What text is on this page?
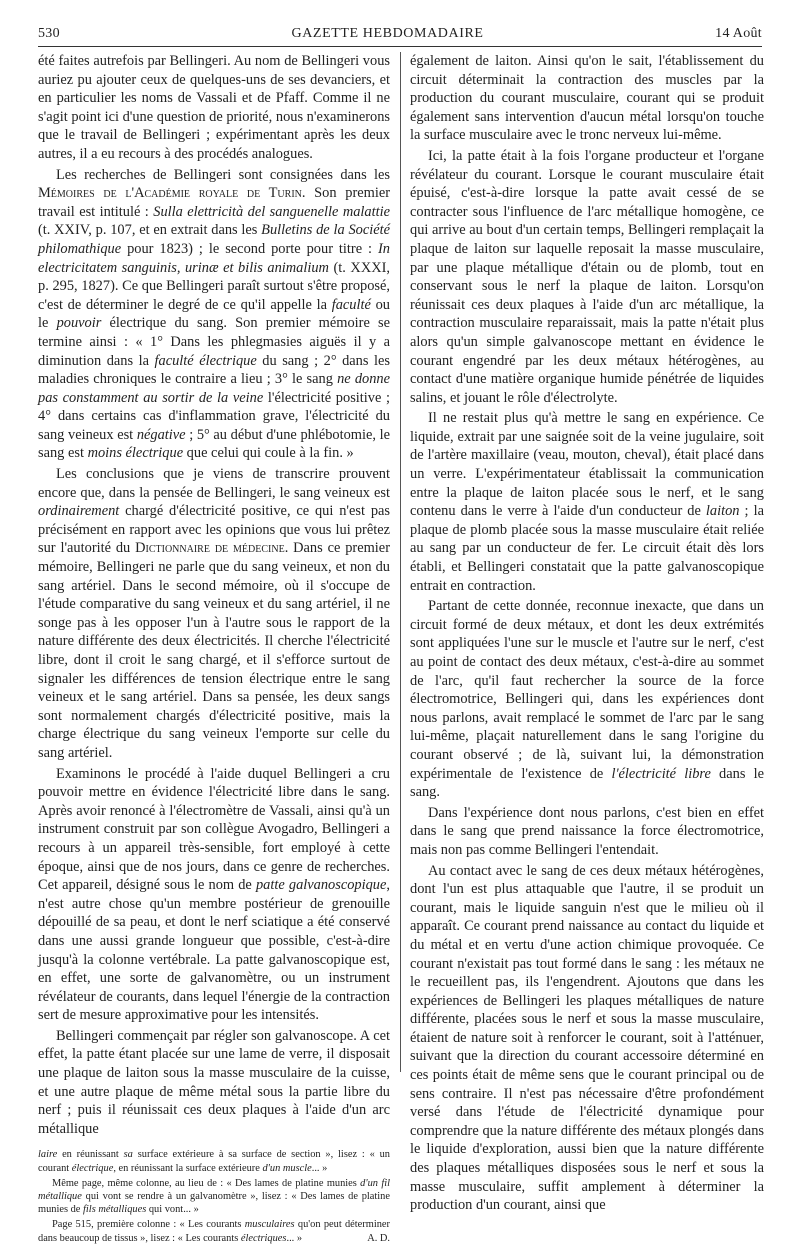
530	GAZETTE HEBDOMADAIRE	14 Août

été faites autrefois par Bellingeri. Au nom de Bellingeri vous auriez pu ajouter ceux de quelques-uns de ses devanciers, et en particulier les noms de Vassali et de Pfaff. Comme il ne s'agit point ici d'une question de priorité, nous n'examinerons que le travail de Bellingeri ; expérimentant après les deux autres, il a eu recours à des procédés analogues.

Les recherches de Bellingeri sont consignées dans les Mémoires de l'Académie royale de Turin. Son premier travail est intitulé : Sulla elettricità del sanguenelle malattie (t. XXIV, p. 107, et en extrait dans les Bulletins de la Société philomathique pour 1823) ; le second porte pour titre : In electricitatem sanguinis, urinæ et bilis animalium (t. XXXI, p. 295, 1827). Ce que Bellingeri paraît surtout s'être proposé, c'est de déterminer le degré de ce qu'il appelle la faculté ou le pouvoir électrique du sang. Son premier mémoire se termine ainsi : « 1° Dans les phlegmasies aiguës il y a diminution dans la faculté électrique du sang ; 2° dans les maladies chroniques le contraire a lieu ; 3° le sang ne donne pas constamment au sortir de la veine l'électricité positive ; 4° dans certains cas d'inflammation grave, l'électricité du sang veineux est négative ; 5° au début d'une phlébotomie, le sang est moins électrique que celui qui coule à la fin. »

Les conclusions que je viens de transcrire prouvent encore que, dans la pensée de Bellingeri, le sang veineux est ordinairement chargé d'électricité positive, ce qui n'est pas précisément en rapport avec les opinions que vous lui prêtez sur l'autorité du Dictionnaire de médecine. Dans ce premier mémoire, Bellingeri ne parle que du sang veineux, et non du sang artériel. Dans le second mémoire, où il s'occupe de l'étude comparative du sang veineux et du sang artériel, il ne songe pas à les opposer l'un à l'autre sous le rapport de la nature différente des deux électricités. Il cherche l'électricité libre, dont il croit le sang chargé, et il s'efforce surtout de signaler les différences de tension électrique entre le sang veineux et le sang artériel. Dans sa pensée, les deux sangs sont normalement chargés d'électricité positive, mais la charge électrique du sang veineux l'emporte sur celle du sang artériel.

Examinons le procédé à l'aide duquel Bellingeri a cru pouvoir mettre en évidence l'électricité libre dans le sang. Après avoir renoncé à l'électromètre de Vassali, ainsi qu'à un instrument construit par son collègue Avogadro, Bellingeri a recours à un appareil très-sensible, fort employé à cette époque, ainsi que de nos jours, dans ce genre de recherches. Cet appareil, désigné sous le nom de patte galvanoscopique, n'est autre chose qu'un membre postérieur de grenouille dépouillé de sa peau, et dont le nerf sciatique a été conservé dans une aussi grande longueur que possible, c'est-à-dire jusqu'à la colonne vertébrale. La patte galvanoscopique est, en effet, une sorte de galvanomètre, ou un instrument révélateur de courants, dans lequel l'énergie de la contraction sert de mesure approximative pour les intensités.

Bellingeri commençait par régler son galvanoscope. A cet effet, la patte étant placée sur une lame de verre, il disposait une plaque de laiton sous la masse musculaire de la cuisse, et une autre plaque de même métal sous la partie libre du nerf ; puis il réunissait ces deux plaques à l'aide d'un arc métallique

laire en réunissant sa surface extérieure à sa surface de section », lisez : « un courant électrique, en réunissant la surface extérieure d'un muscle... »

Même page, même colonne, au lieu de : « Des lames de platine munies d'un fil métallique qui vont se rendre à un galvanomètre », lisez : « Des lames de platine munies de fils métalliques qui vont... »

Page 515, première colonne : « Les courants musculaires qu'on peut déterminer dans beaucoup de tissus », lisez : « Les courants électriques... »	A. D.

également de laiton. Ainsi qu'on le sait, l'établissement du circuit déterminait la contraction des muscles par la production du courant musculaire, courant qui se produit également sans intervention d'aucun métal lorsqu'on touche la surface musculaire avec le tronc nerveux lui-même.

Ici, la patte était à la fois l'organe producteur et l'organe révélateur du courant. Lorsque le courant musculaire était épuisé, c'est-à-dire lorsque la patte avait cessé de se contracter sous l'influence de l'arc métallique homogène, ce qui arrive au bout d'un certain temps, Bellingeri remplaçait la plaque de laiton sur laquelle reposait la masse musculaire, par une plaque métallique d'étain ou de plomb, tout en conservant sous le nerf la plaque de laiton. Lorsqu'on réunissait ces deux plaques à l'aide d'un arc métallique, la contraction musculaire reparaissait, mais la patte n'était plus alors qu'un simple galvanoscope mettant en évidence le courant engendré par les deux métaux hétérogènes, au contact d'une matière organique humide pénétrée de liquides salins, et jouant le rôle d'électrolyte.

Il ne restait plus qu'à mettre le sang en expérience. Ce liquide, extrait par une saignée soit de la veine jugulaire, soit de l'artère maxillaire (veau, mouton, cheval), était placé dans un verre. L'expérimentateur établissait la communication entre la plaque de laiton placée sous le nerf, et le sang contenu dans le verre à l'aide d'un conducteur de laiton ; la plaque de plomb placée sous la masse musculaire était reliée au sang par un conducteur de fer. Le circuit était dès lors établi, et Bellingeri constatait que la patte galvanoscopique entrait en contraction.

Partant de cette donnée, reconnue inexacte, que dans un circuit formé de deux métaux, et dont les deux extrémités sont appliquées l'une sur le muscle et l'autre sur le nerf, c'est au point de contact des deux métaux, c'est-à-dire au sommet de l'arc, qu'il faut rechercher la source de la force électromotrice, Bellingeri qui, dans les expériences dont nous parlons, avait remplacé le sommet de l'arc par le sang lui-même, plaçait naturellement dans le sang l'origine du courant observé ; de là, suivant lui, la démonstration expérimentale de l'existence de l'électricité libre dans le sang.

Dans l'expérience dont nous parlons, c'est bien en effet dans le sang que prend naissance la force électromotrice, mais non pas comme Bellingeri l'entendait.

Au contact avec le sang de ces deux métaux hétérogènes, dont l'un est plus attaquable que l'autre, il se produit un courant, mais le liquide sanguin n'est que le milieu où il apparaît. Ce courant prend naissance au contact du liquide et du métal et en vertu d'une action chimique provoquée. Ce courant n'existait pas tout formé dans le sang : les métaux ne le recueillent pas, ils l'engendrent. Ajoutons que dans les expériences de Bellingeri les plaques métalliques de nature différente, placées sous le nerf et sous la masse musculaire, étaient de nature soit à renforcer le courant, soit à l'atténuer, suivant que la direction du courant accessoire déterminé en ces points était de même sens que le courant principal ou de sens contraire. Il n'est pas nécessaire d'être profondément versé dans l'étude de l'électricité dynamique pour comprendre que la nature différente des métaux plongés dans le liquide d'exploration, aussi bien que la nature différente des plaques métalliques disposées sous le nerf et sous la masse musculaire, suffit amplement à déterminer la production d'un courant, ainsi que
